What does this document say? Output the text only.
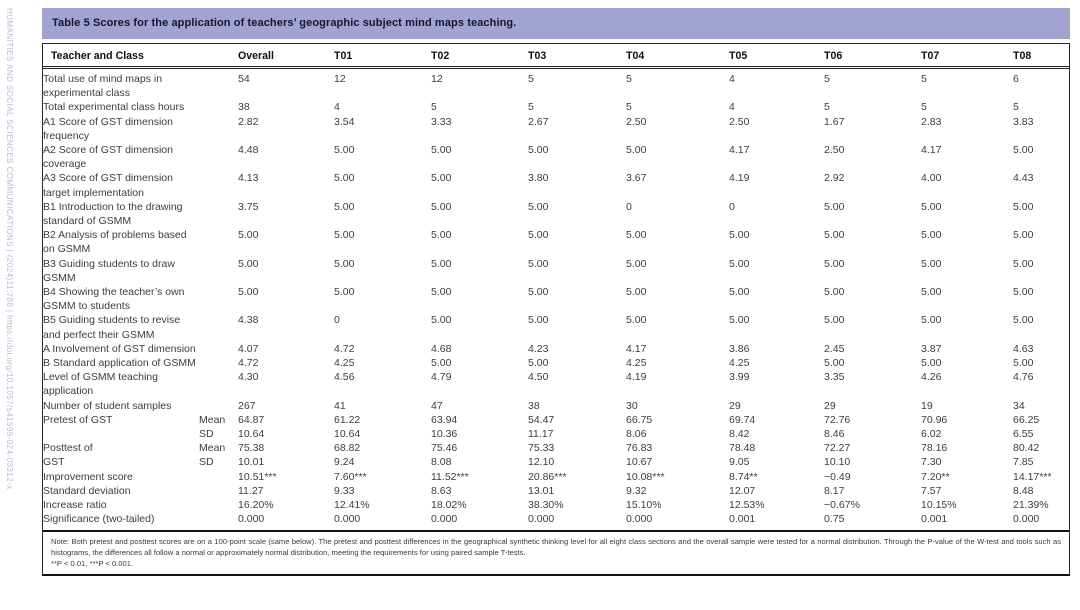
HUMANITIES AND SOCIAL SCIENCES COMMUNICATIONS | (2024)11:788 | https://doi.org/10.1057/s41599-024-03312-x	Table 5 Scores for the application of teachers’ geographic subject mind maps teaching.
Teacher and Class		Overall	T01	T02	T03	T04	T05	T06	T07	T08
Total use of mind maps in experimental class		54	12	12	5	5	4	5	5	6
Total experimental class hours		38	4	5	5	5	4	5	5	5
A1 Score of GST dimension frequency		2.82	3.54	3.33	2.67	2.50	2.50	1.67	2.83	3.83
A2 Score of GST dimension coverage		4.48	5.00	5.00	5.00	5.00	4.17	2.50	4.17	5.00
A3 Score of GST dimension target implementation		4.13	5.00	5.00	3.80	3.67	4.19	2.92	4.00	4.43
B1 Introduction to the drawing standard of GSMM		3.75	5.00	5.00	5.00	0	0	5.00	5.00	5.00
B2 Analysis of problems based on GSMM		5.00	5.00	5.00	5.00	5.00	5.00	5.00	5.00	5.00
B3 Guiding students to draw GSMM		5.00	5.00	5.00	5.00	5.00	5.00	5.00	5.00	5.00
B4 Showing the teacher’s own GSMM to students		5.00	5.00	5.00	5.00	5.00	5.00	5.00	5.00	5.00
B5 Guiding students to revise and perfect their GSMM		4.38	0	5.00	5.00	5.00	5.00	5.00	5.00	5.00
A Involvement of GST dimension		4.07	4.72	4.68	4.23	4.17	3.86	2.45	3.87	4.63
B Standard application of GSMM		4.72	4.25	5.00	5.00	4.25	4.25	5.00	5.00	5.00
Level of GSMM teaching application		4.30	4.56	4.79	4.50	4.19	3.99	3.35	4.26	4.76
Number of student samples		267	41	47	38	30	29	29	19	34
Pretest of GST	Mean	64.87	61.22	63.94	54.47	66.75	69.74	72.76	70.96	66.25
	SD	10.64	10.64	10.36	11.17	8.06	8.42	8.46	6.02	6.55
Posttest of	Mean	75.38	68.82	75.46	75.33	76.83	78.48	72.27	78.16	80.42
GST	SD	10.01	9.24	8.08	12.10	10.67	9.05	10.10	7.30	7.85
Improvement score		10.51***	7.60***	11.52***	20.86***	10.08***	8.74**	−0.49	7.20**	14.17***
Standard deviation		11.27	9.33	8.63	13.01	9.32	12.07	8.17	7.57	8.48
Increase ratio		16.20%	12.41%	18.02%	38.30%	15.10%	12.53%	−0.67%	10.15%	21.39%
Significance (two-tailed)		0.000	0.000	0.000	0.000	0.000	0.001	0.75	0.001	0.000
Note: Both pretest and posttest scores are on a 100-point scale (same below). The pretest and posttest differences in the geographical synthetic thinking level for all eight class sections and the overall sample were tested for a normal distribution. Through the P-value of the W-test and tools such as histograms, the differences all follow a normal or approximately normal distribution, meeting the requirements for using paired sample T-tests.
**P < 0.01, ***P < 0.001.
